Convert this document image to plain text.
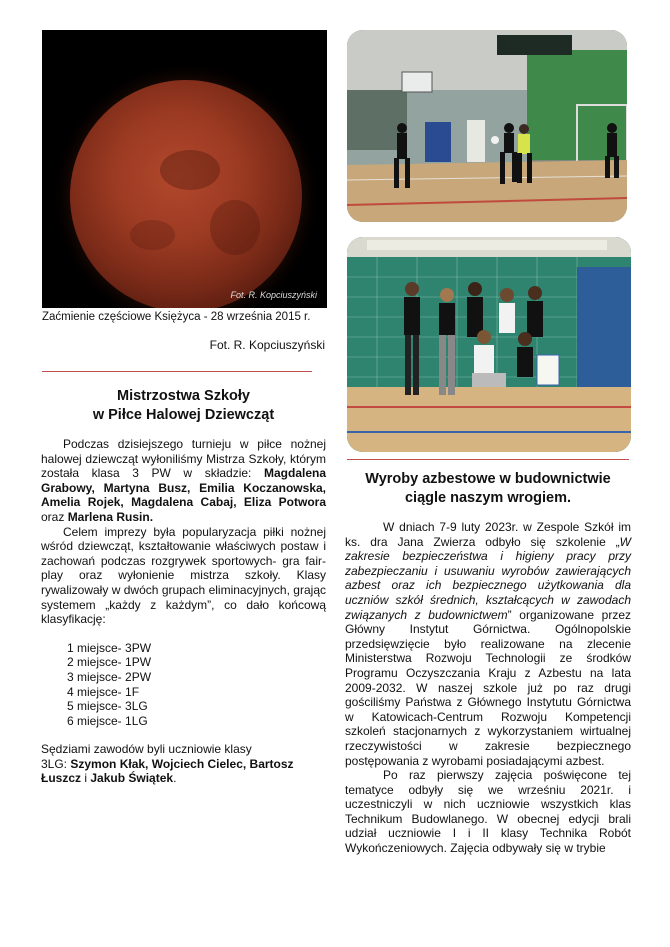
Fot. R. Kopciuszyński
Zaćmienie częściowe Księżyca - 28 września 2015 r.
Fot. R. Kopciuszyński
Mistrzostwa Szkoły
w Piłce Halowej Dziewcząt

Podczas dzisiejszego turnieju w piłce nożnej halowej dziewcząt wyłoniliśmy Mistrza Szkoły, którym została klasa 3 PW w składzie: Magdalena Grabowy, Martyna Busz, Emilia Koczanowska, Amelia Rojek, Magdalena Cabaj, Eliza Potwora oraz Marlena Rusin.

Celem imprezy była popularyzacja piłki nożnej wśród dziewcząt, kształtowanie właściwych postaw i zachowań podczas rozgrywek sportowych- gra fair-play oraz wyłonienie mistrza szkoły. Klasy rywalizowały w dwóch grupach eliminacyjnych, grając systemem „każdy z każdym”, co dało końcową klasyfikację:

1 miejsce- 3PW
2 miejsce- 1PW
3 miejsce- 2PW
4 miejsce- 1F
5 miejsce- 3LG
6 miejsce- 1LG

Sędziami zawodów byli uczniowie klasy
3LG: Szymon Kłak, Wojciech Cielec, Bartosz Łuszcz i Jakub Świątek.

Wyroby azbestowe w budownictwie
ciągle naszym wrogiem.

W dniach 7-9 luty 2023r. w Zespole Szkół im ks. dra Jana Zwierza odbyło się szkolenie „W zakresie bezpieczeństwa i higieny pracy przy zabezpieczaniu i usuwaniu wyrobów zawierających azbest oraz ich bezpiecznego użytkowania dla uczniów szkół średnich, kształcących w zawodach związanych z budownictwem” organizowane przez Główny Instytut Górnictwa. Ogólnopolskie przedsięwzięcie było realizowane na zlecenie Ministerstwa Rozwoju Technologii ze środków Programu Oczyszczania Kraju z Azbestu na lata 2009-2032. W naszej szkole już po raz drugi gościliśmy Państwa z Głównego Instytutu Górnictwa w Katowicach-Centrum Rozwoju Kompetencji szkoleń stacjonarnych z wykorzystaniem wirtualnej rzeczywistości w zakresie bezpiecznego postępowania z wyrobami posiadającymi azbest.

Po raz pierwszy zajęcia poświęcone tej tematyce odbyły się we wrześniu 2021r. i uczestniczyli w nich uczniowie wszystkich klas Technikum Budowlanego. W obecnej edycji brali udział uczniowie I i II klasy Technika Robót Wykończeniowych. Zajęcia odbywały się w trybie
